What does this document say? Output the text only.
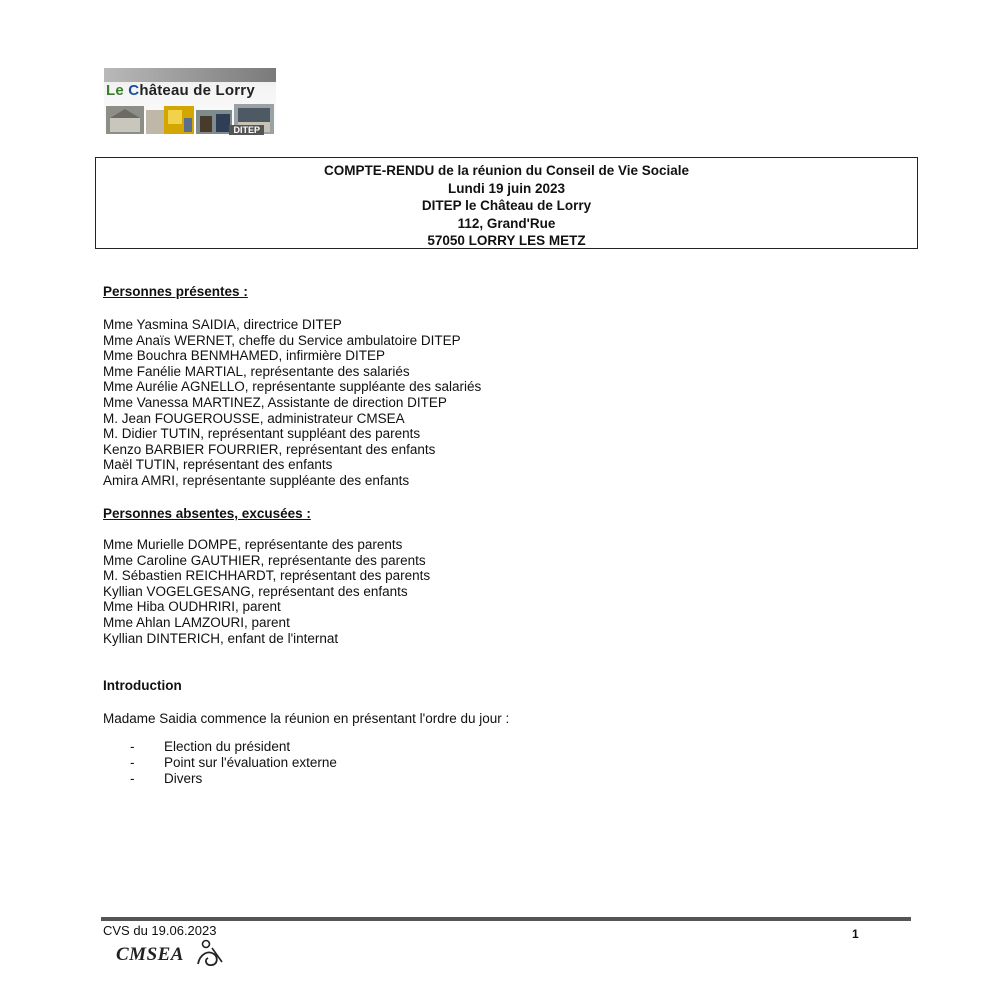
Le Château de Lorry
DITEP
COMPTE-RENDU de la réunion du Conseil de Vie Sociale
Lundi 19 juin 2023
DITEP le Château de Lorry
112, Grand'Rue
57050 LORRY LES METZ
Personnes présentes :
Mme Yasmina SAIDIA, directrice DITEP
Mme Anaïs WERNET, cheffe du Service ambulatoire DITEP
Mme Bouchra BENMHAMED, infirmière DITEP
Mme Fanélie MARTIAL, représentante des salariés
Mme Aurélie AGNELLO, représentante suppléante des salariés
Mme Vanessa MARTINEZ, Assistante de direction DITEP
M. Jean FOUGEROUSSE, administrateur CMSEA
M. Didier TUTIN, représentant suppléant des parents
Kenzo BARBIER FOURRIER, représentant des enfants
Maël TUTIN, représentant des enfants
Amira AMRI, représentante suppléante des enfants
Personnes absentes, excusées :
Mme Murielle DOMPE, représentante des parents
Mme Caroline GAUTHIER, représentante des parents
M. Sébastien REICHHARDT, représentant des parents
Kyllian VOGELGESANG, représentant des enfants
Mme Hiba OUDHRIRI, parent
Mme Ahlan LAMZOURI, parent
Kyllian DINTERICH, enfant de l'internat
Introduction
Madame Saidia commence la réunion en présentant l'ordre du jour :
- Election du président
- Point sur l'évaluation externe
- Divers
CVS du 19.06.2023	1
CMSEA
